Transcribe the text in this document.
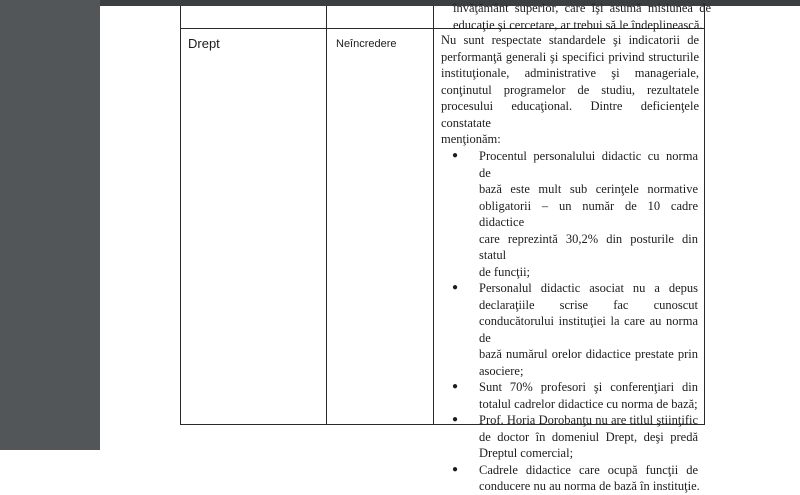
învăţământ superior, care îşi asumă misiunea de
educaţie şi cercetare, ar trebui să le îndeplinească.
Drept	Neîncredere	Nu sunt respectate standardele şi indicatorii de
performanţă generali şi specifici privind structurile
instituţionale, administrative şi manageriale,
conţinutul programelor de studiu, rezultatele
procesului educaţional. Dintre deficienţele constatate
menţionăm:
● Procentul personalului didactic cu norma de
bază este mult sub cerinţele normative
obligatorii – un număr de 10 cadre didactice
care reprezintă 30,2% din posturile din statul
de funcţii;
● Personalul didactic asociat nu a depus
declaraţiile scrise fac cunoscut
conducătorului instituţiei la care au norma de
bază numărul orelor didactice prestate prin
asociere;
● Sunt 70% profesori şi conferenţiari din
totalul cadrelor didactice cu norma de bază;
● Prof. Horia Dorobanţu nu are titlul ştiinţific
de doctor în domeniul Drept, deşi predă
Dreptul comercial;
● Cadrele didactice care ocupă funcţii de
conducere nu au norma de bază în instituţie.
